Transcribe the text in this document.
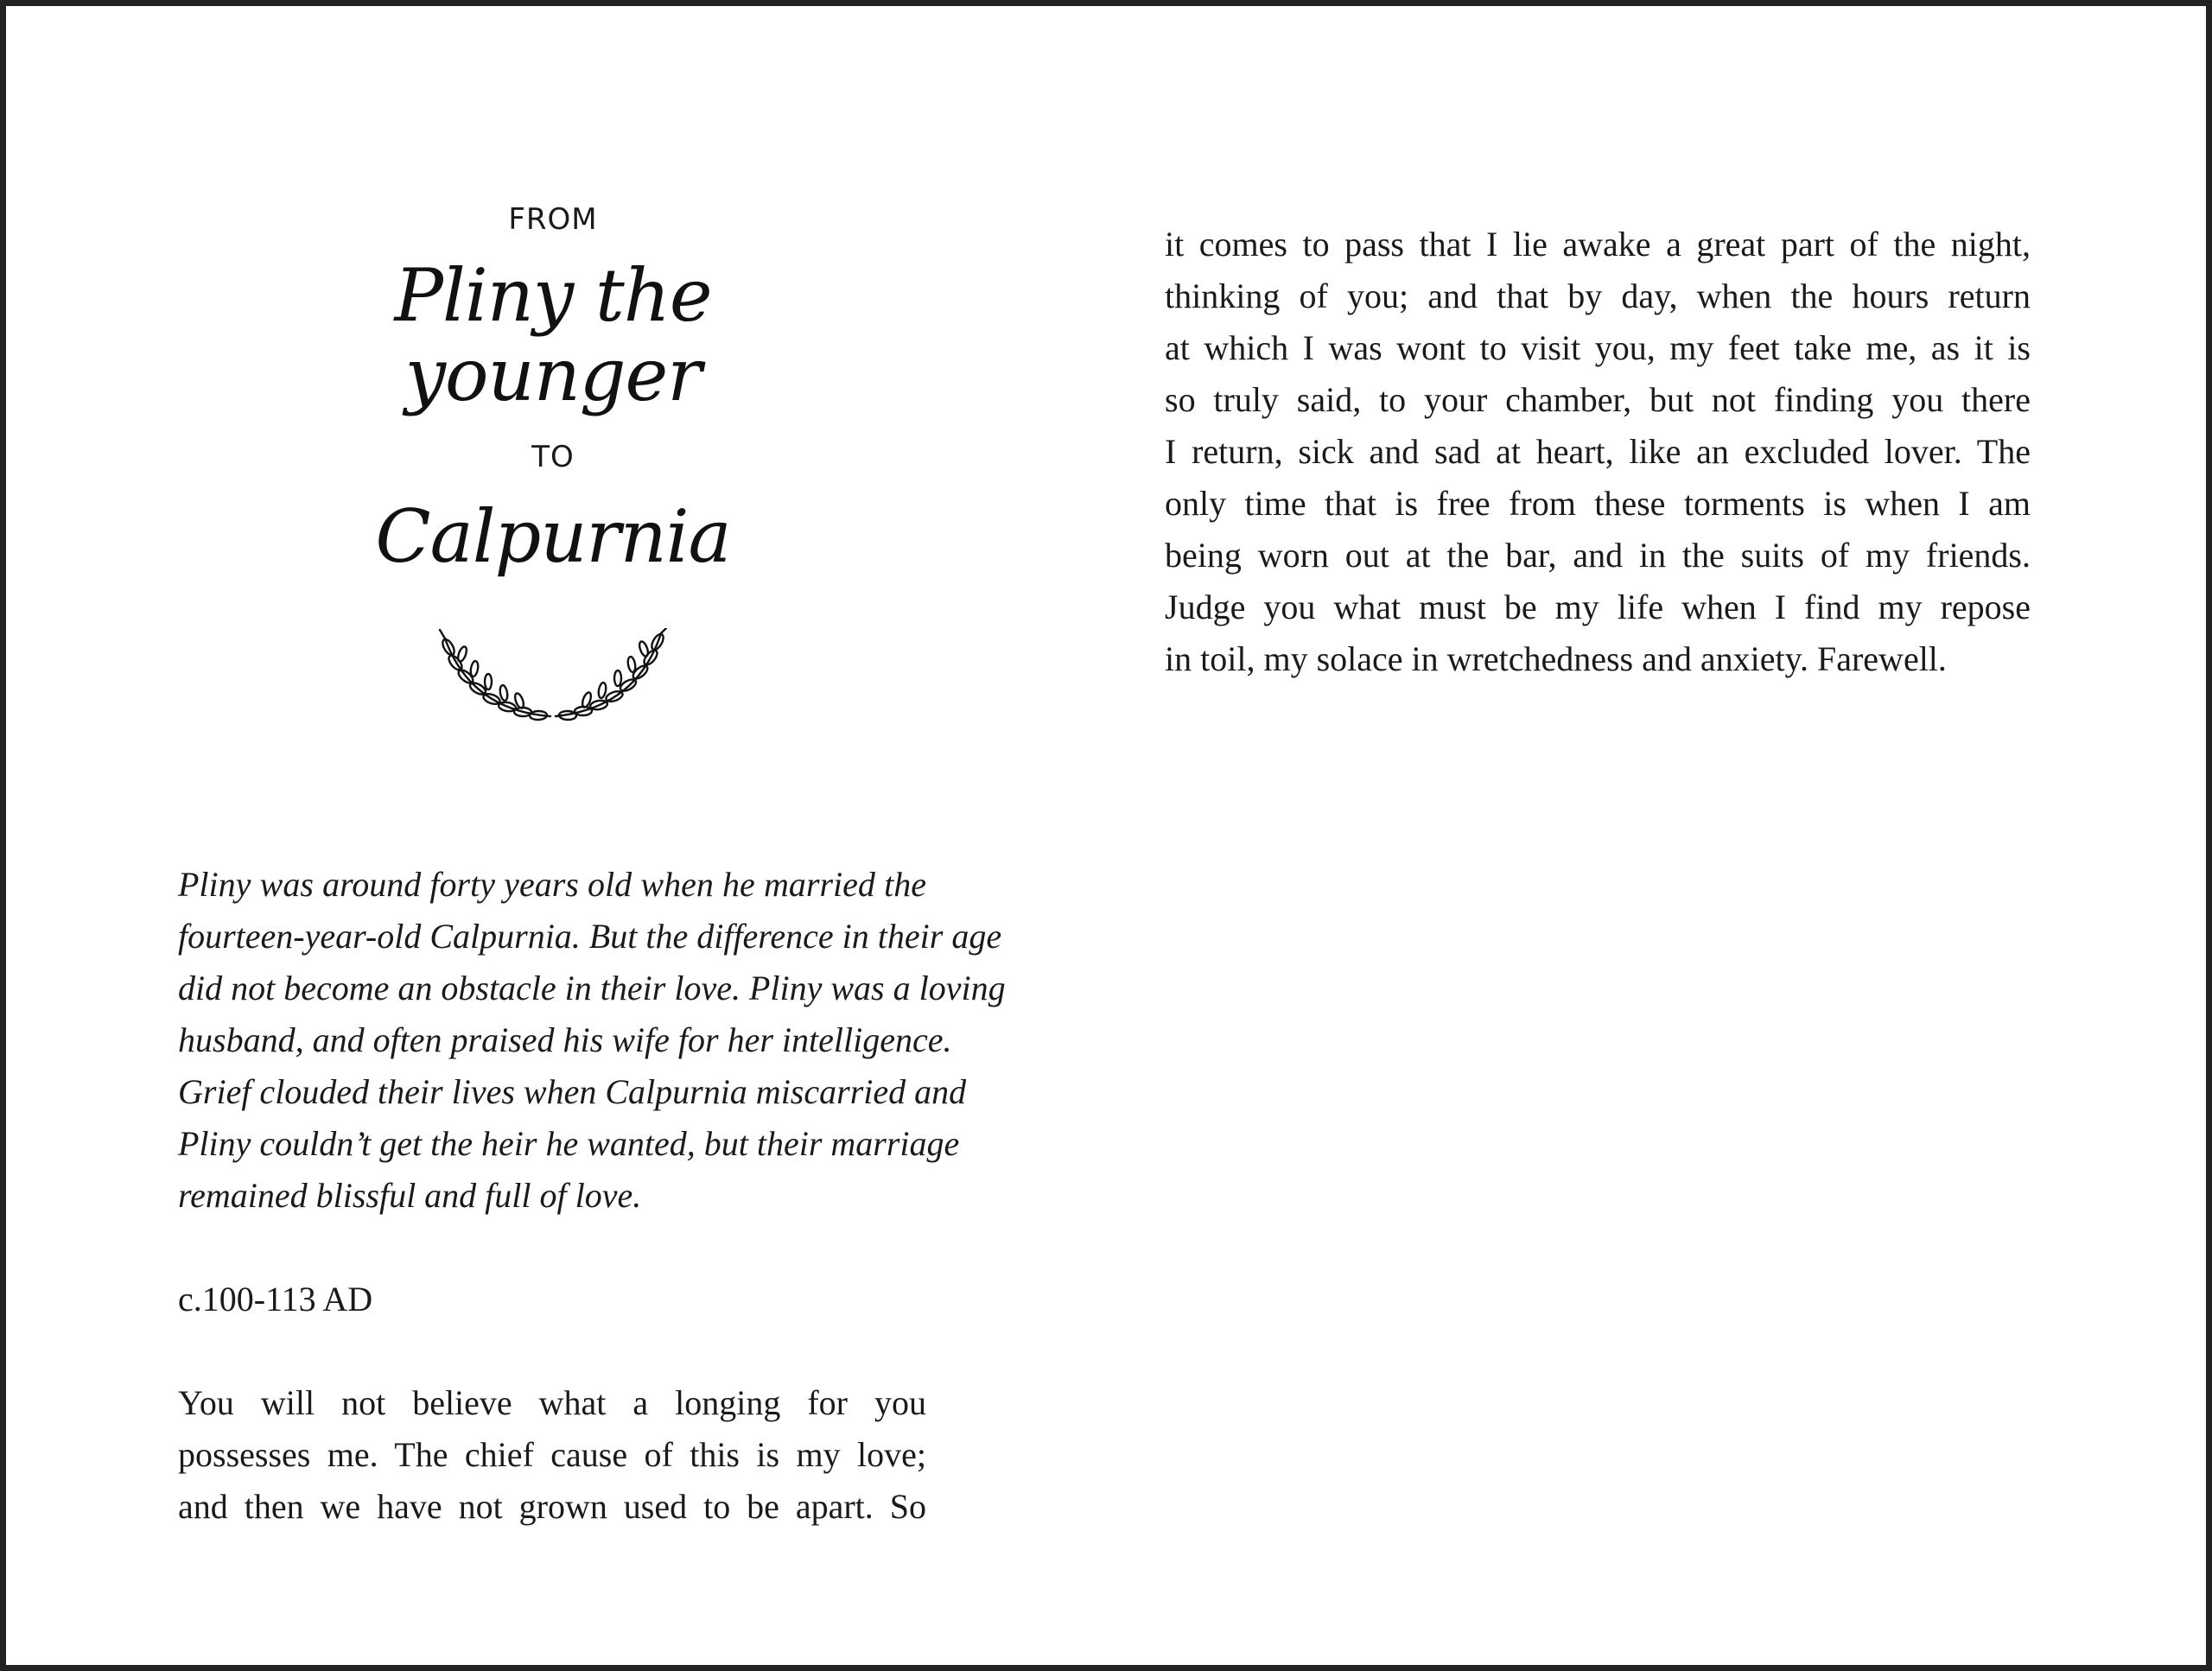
FROM
Pliny the younger
TO
Calpurnia
Pliny was around forty years old when he married the
fourteen-year-old Calpurnia. But the difference in their age
did not become an obstacle in their love. Pliny was a loving
husband, and often praised his wife for her intelligence.
Grief clouded their lives when Calpurnia miscarried and
Pliny couldn’t get the heir he wanted, but their marriage
remained blissful and full of love.
c.100-113 AD
You will not believe what a longing for you
possesses me. The chief cause of this is my love;
and then we have not grown used to be apart. So
it comes to pass that I lie awake a great part of the night,
thinking of you; and that by day, when the hours return
at which I was wont to visit you, my feet take me, as it is
so truly said, to your chamber, but not finding you there
I return, sick and sad at heart, like an excluded lover. The
only time that is free from these torments is when I am
being worn out at the bar, and in the suits of my friends.
Judge you what must be my life when I find my repose
in toil, my solace in wretchedness and anxiety. Farewell.
